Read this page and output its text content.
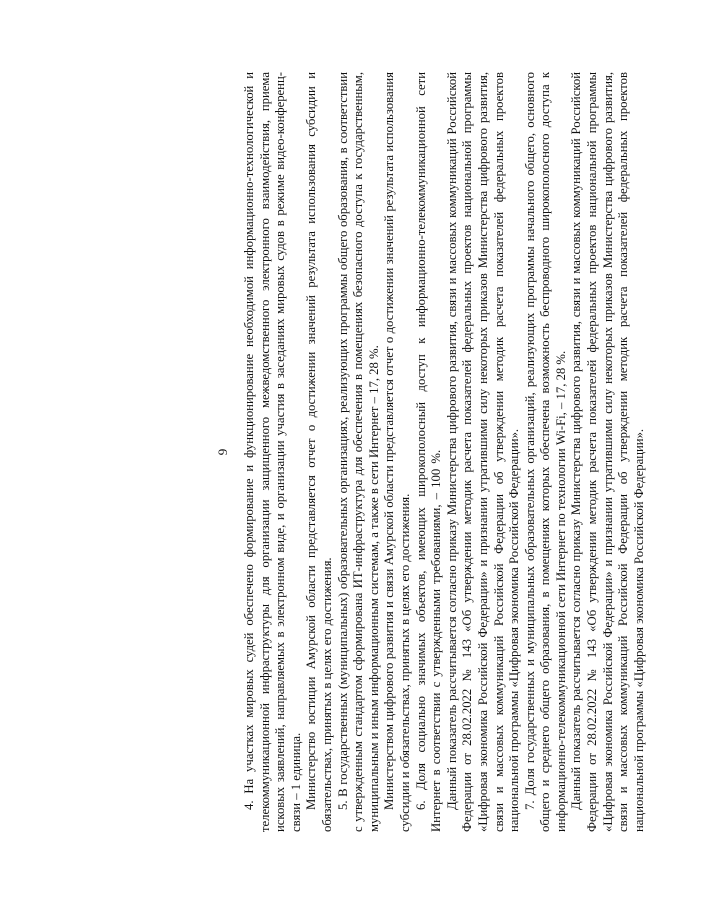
9 4. На участках мировых судей обеспечено формирование и функционирование необходимой информационно-технологической и телекоммуникационной инфраструктуры для организации защищенного межведомственного электронного взаимодействия, приема исковых заявлений, направляемых в электронном виде, и организации участия в заседаниях мировых судов в режиме видео-конференц-связи – 1 единица. Министерство юстиции Амурской области представляется отчет о достижении значений результата использования субсидии и обязательствах, принятых в целях его достижения. 5. В государственных (муниципальных) образовательных организациях, реализующих программы общего образования, в соответствии с утвержденным стандартом сформирована ИТ-инфраструктура для обеспечения в помещениях безопасного доступа к государственным, муниципальным и иным информационным системам, а также в сети Интернет – 17, 28 %. Министерством цифрового развития и связи Амурской области представляется отчет о достижении значений результата использования субсидии и обязательствах, принятых в целях его достижения. 6. Доля социально значимых объектов, имеющих широкополосный доступ к информационно-телекоммуникационной сети Интернет в соответствии с утвержденными требованиями, – 100 %. Данный показатель рассчитывается согласно приказу Министерства цифрового развития, связи и массовых коммуникаций Российской Федерации от 28.02.2022 № 143 «Об утверждении методик расчета показателей федеральных проектов национальной программы «Цифровая экономика Российской Федерации» и признании утратившими силу некоторых приказов Министерства цифрового развития, связи и массовых коммуникаций Российской Федерации об утверждении методик расчета показателей федеральных проектов национальной программы «Цифровая экономика Российской Федерации». 7. Доля государственных и муниципальных образовательных организаций, реализующих программы начального общего, основного общего и среднего общего образования, в помещениях которых обеспечена возможность беспроводного широкополосного доступа к информационно-телекоммуникационной сети Интернет по технологии Wi-Fi, – 17, 28 %. Данный показатель рассчитывается согласно приказу Министерства цифрового развития, связи и массовых коммуникаций Российской Федерации от 28.02.2022 № 143 «Об утверждении методик расчета показателей федеральных проектов национальной программы «Цифровая экономика Российской Федерации» и признании утратившими силу некоторых приказов Министерства цифрового развития, связи и массовых коммуникаций Российской Федерации об утверждении методик расчета показателей федеральных проектов национальной программы «Цифровая экономика Российской Федерации».
